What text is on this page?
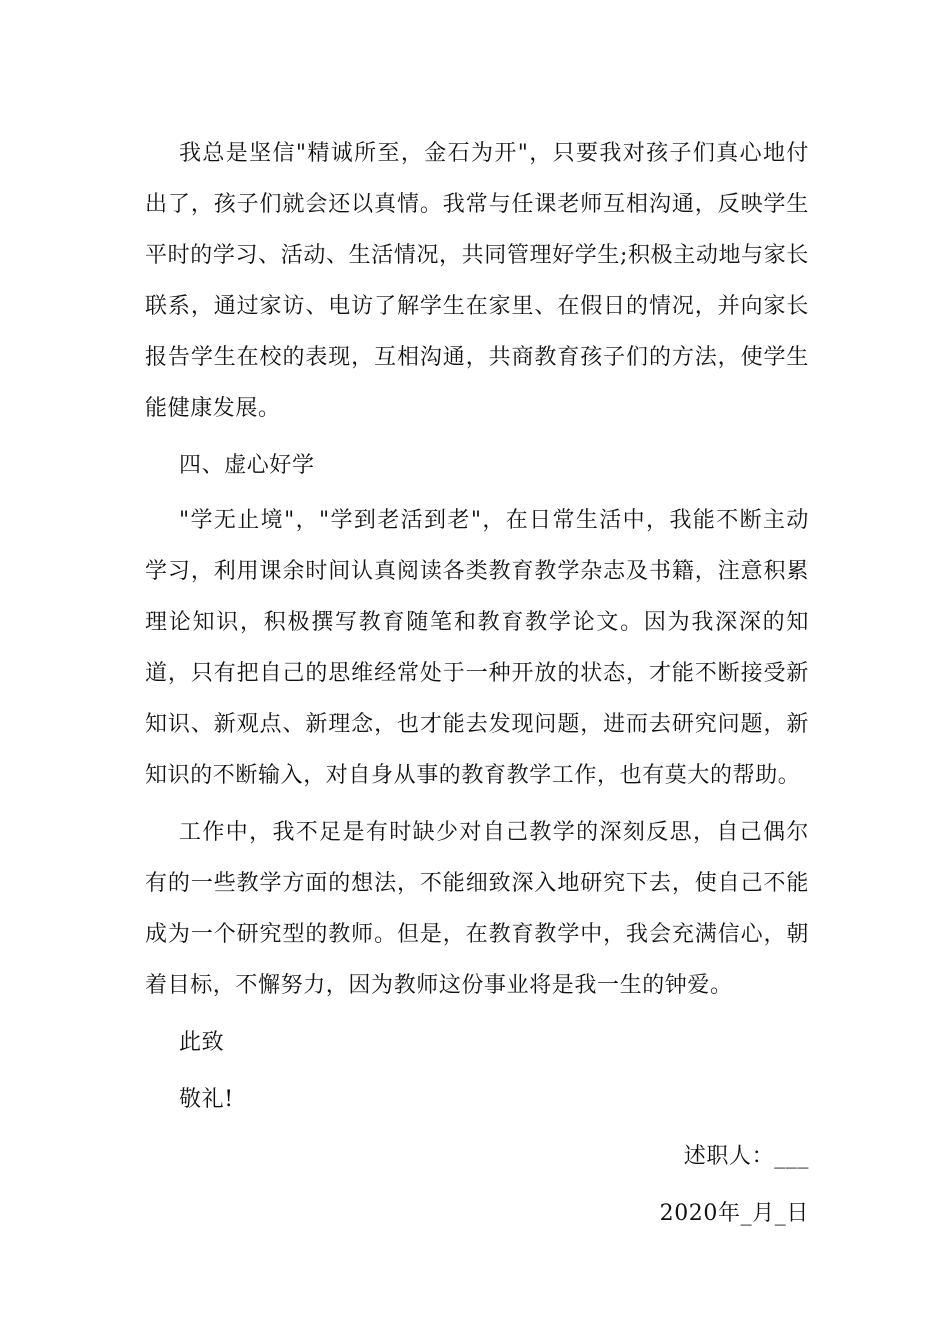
我总是坚信"精诚所至，金石为开"，只要我对孩子们真心地付出了，孩子们就会还以真情。我常与任课老师互相沟通，反映学生平时的学习、活动、生活情况，共同管理好学生;积极主动地与家长联系，通过家访、电访了解学生在家里、在假日的情况，并向家长报告学生在校的表现，互相沟通，共商教育孩子们的方法，使学生能健康发展。

四、虚心好学

"学无止境"，"学到老活到老"，在日常生活中，我能不断主动学习，利用课余时间认真阅读各类教育教学杂志及书籍，注意积累理论知识，积极撰写教育随笔和教育教学论文。因为我深深的知道，只有把自己的思维经常处于一种开放的状态，才能不断接受新知识、新观点、新理念，也才能去发现问题，进而去研究问题，新知识的不断输入，对自身从事的教育教学工作，也有莫大的帮助。

工作中，我不足是有时缺少对自己教学的深刻反思，自己偶尔有的一些教学方面的想法，不能细致深入地研究下去，使自己不能成为一个研究型的教师。但是，在教育教学中，我会充满信心，朝着目标，不懈努力，因为教师这份事业将是我一生的钟爱。

此致

敬礼!

述职人：___

2020年_月_日
